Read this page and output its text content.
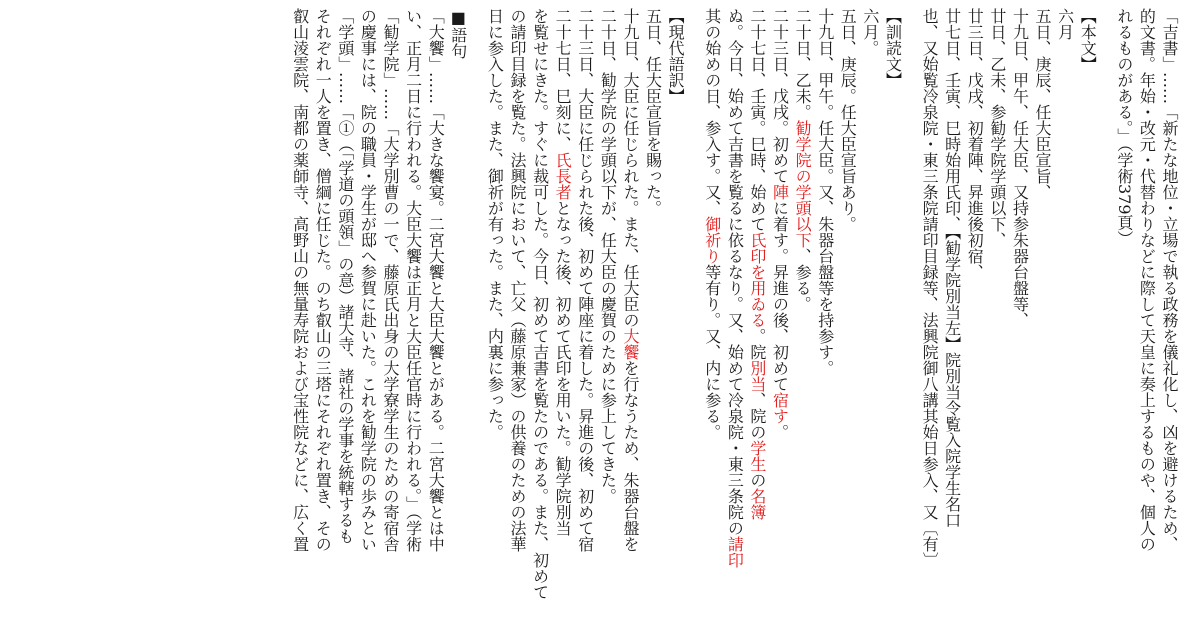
「吉書」……「新たな地位・立場で執る政務を儀礼化し、凶を避けるため、
的文書。年始・改元・代替わりなどに際して天皇に奏上するものや、個人の
れるものがある。」（学術379頁）
【本文】
六月
五日、庚辰、任大臣宣旨、
十九日、甲午、任大臣、又持参朱器台盤等、
廿日、乙未、参勧学院学頭以下、
廿三日、戊戌、初着陣、昇進後初宿、
廿七日、壬寅、巳時始用氏印、【勧学院別当左】院別当令覧入院学生名口
也、又始覧冷泉院・東三条院請印目録等、法興院御八講其始日参入、又〔有〕
【訓読文】
六月。
五日、庚辰。任大臣宣旨あり。
十九日、甲午。任大臣。又、朱器台盤等を持参す。
二十日、乙未。勧学院の学頭以下、参る。
二十三日、戊戌。初めて陣に着す。昇進の後、初めて宿す。
二十七日、壬寅。巳時、始めて氏印を用ゐる。院別当、院の学生の名簿
ぬ。今日、始めて吉書を覧るに依るなり。又、始めて冷泉院・東三条院の請印
其の始めの日、参入す。又、御祈り等有り。又、内に参る。
【現代語訳】
五日、任大臣宣旨を賜った。
十九日、大臣に任じられた。また、任大臣の大饗を行なうため、朱器台盤を
二十日、勧学院の学頭以下が、任大臣の慶賀のために参上してきた。
二十三日、大臣に任じられた後、初めて陣座に着した。昇進の後、初めて宿
二十七日、巳刻に、氏長者となった後、初めて氏印を用いた。勧学院別当
を覧せにきた。すぐに裁可した。今日、初めて吉書を覧たのである。また、初めて
の請印目録を覧た。法興院において、亡父（藤原兼家）の供養のための法華
日に参入した。また、御祈が有った。また、内裏に参った。
■語句
「大饗」……「大きな饗宴。二宮大饗と大臣大饗とがある。二宮大饗とは中
い、正月二日に行われる。大臣大饗は正月と大臣任官時に行われる。」（学術
「勧学院」……「大学別曹の一で、藤原氏出身の大学寮学生のための寄宿舎
の慶事には、院の職員・学生が邸へ参賀に赴いた。これを勧学院の歩みとい
「学頭」……「①（「学道の頭領」の意）諸大寺、諸社の学事を統轄するも
それぞれ一人を置き、僧綱に任じた。のち叡山の三塔にそれぞれ置き、その
叡山淩雲院、南都の薬師寺、高野山の無量寿院および宝性院などに、広く置
